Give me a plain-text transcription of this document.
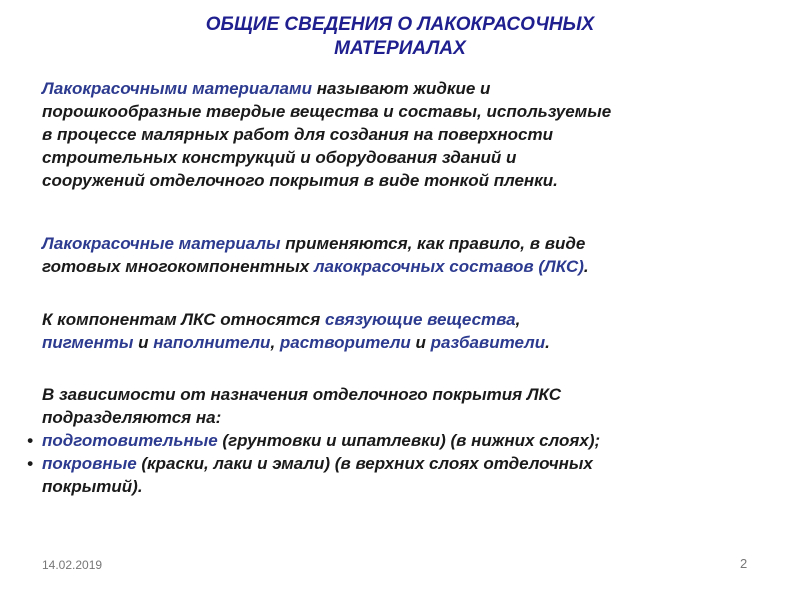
ОБЩИЕ СВЕДЕНИЯ О ЛАКОКРАСОЧНЫХ
МАТЕРИАЛАХ

Лакокрасочными материалами называют жидкие и
порошкообразные твердые вещества и составы, используемые
в процессе малярных работ для создания на поверхности
строительных конструкций и оборудования зданий и
сооружений отделочного покрытия в виде тонкой пленки.

Лакокрасочные материалы применяются, как правило, в виде
готовых многокомпонентных лакокрасочных составов (ЛКС).

К компонентам ЛКС относятся связующие вещества,
пигменты и наполнители, растворители и разбавители.

В зависимости от назначения отделочного покрытия ЛКС
подразделяются на:
• подготовительные (грунтовки и шпатлевки) (в нижних слоях);
• покровные (краски, лаки и эмали) (в верхних слоях отделочных
покрытий).
14.02.2019	2
